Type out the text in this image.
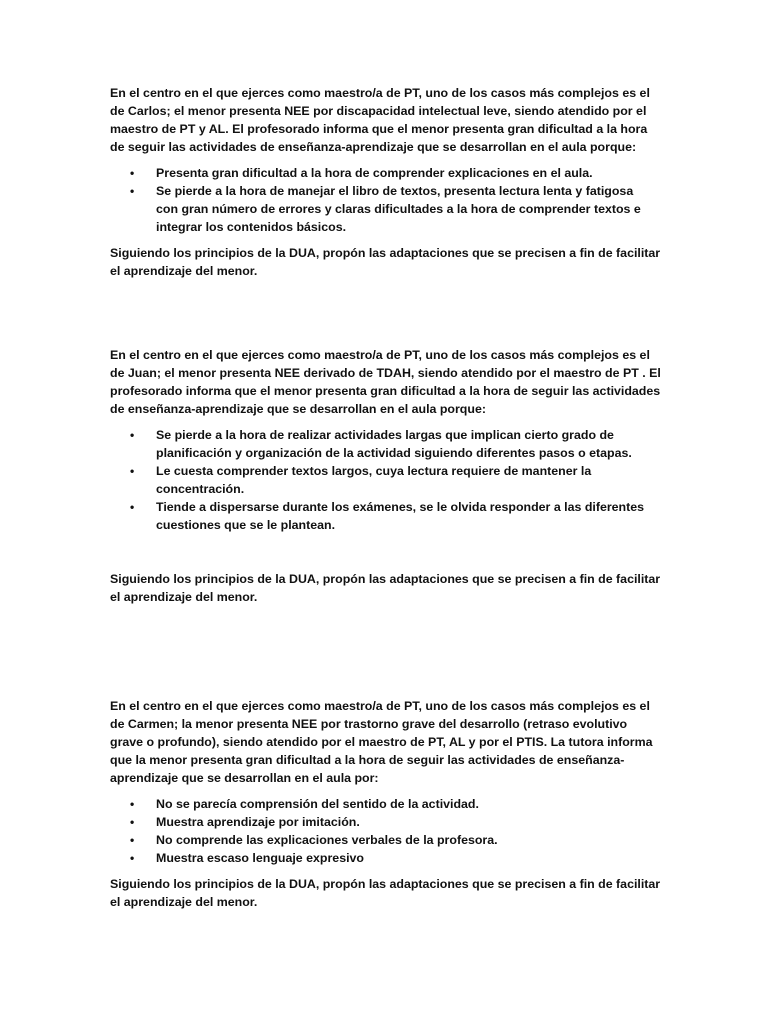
En el centro en el que ejerces como maestro/a de PT, uno de los casos más complejos es el
de Carlos; el menor presenta NEE por discapacidad intelectual leve, siendo atendido por el
maestro de PT y AL. El profesorado informa que el menor presenta gran dificultad a la hora
de seguir las actividades de enseñanza-aprendizaje que se desarrollan en el aula porque:

• Presenta gran dificultad a la hora de comprender explicaciones en el aula.
• Se pierde a la hora de manejar el libro de textos, presenta lectura lenta y fatigosa
con gran número de errores y claras dificultades a la hora de comprender textos e
integrar los contenidos básicos.

Siguiendo los principios de la DUA, propón las adaptaciones que se precisen a fin de facilitar
el aprendizaje del menor.

En el centro en el que ejerces como maestro/a de PT, uno de los casos más complejos es el
de Juan; el menor presenta NEE derivado de TDAH, siendo atendido por el maestro de PT . El
profesorado informa que el menor presenta gran dificultad a la hora de seguir las actividades
de enseñanza-aprendizaje que se desarrollan en el aula porque:

• Se pierde a la hora de realizar actividades largas que implican cierto grado de
planificación y organización de la actividad siguiendo diferentes pasos o etapas.
• Le cuesta comprender textos largos, cuya lectura requiere de mantener la
concentración.
• Tiende a dispersarse durante los exámenes, se le olvida responder a las diferentes
cuestiones que se le plantean.

Siguiendo los principios de la DUA, propón las adaptaciones que se precisen a fin de facilitar
el aprendizaje del menor.

En el centro en el que ejerces como maestro/a de PT, uno de los casos más complejos es el
de Carmen; la menor presenta NEE por trastorno grave del desarrollo (retraso evolutivo
grave o profundo), siendo atendido por el maestro de PT, AL y por el PTIS. La tutora informa
que la menor presenta gran dificultad a la hora de seguir las actividades de enseñanza-
aprendizaje que se desarrollan en el aula por:

• No se parecía comprensión del sentido de la actividad.
• Muestra aprendizaje por imitación.
• No comprende las explicaciones verbales de la profesora.
• Muestra escaso lenguaje expresivo

Siguiendo los principios de la DUA, propón las adaptaciones que se precisen a fin de facilitar
el aprendizaje del menor.
